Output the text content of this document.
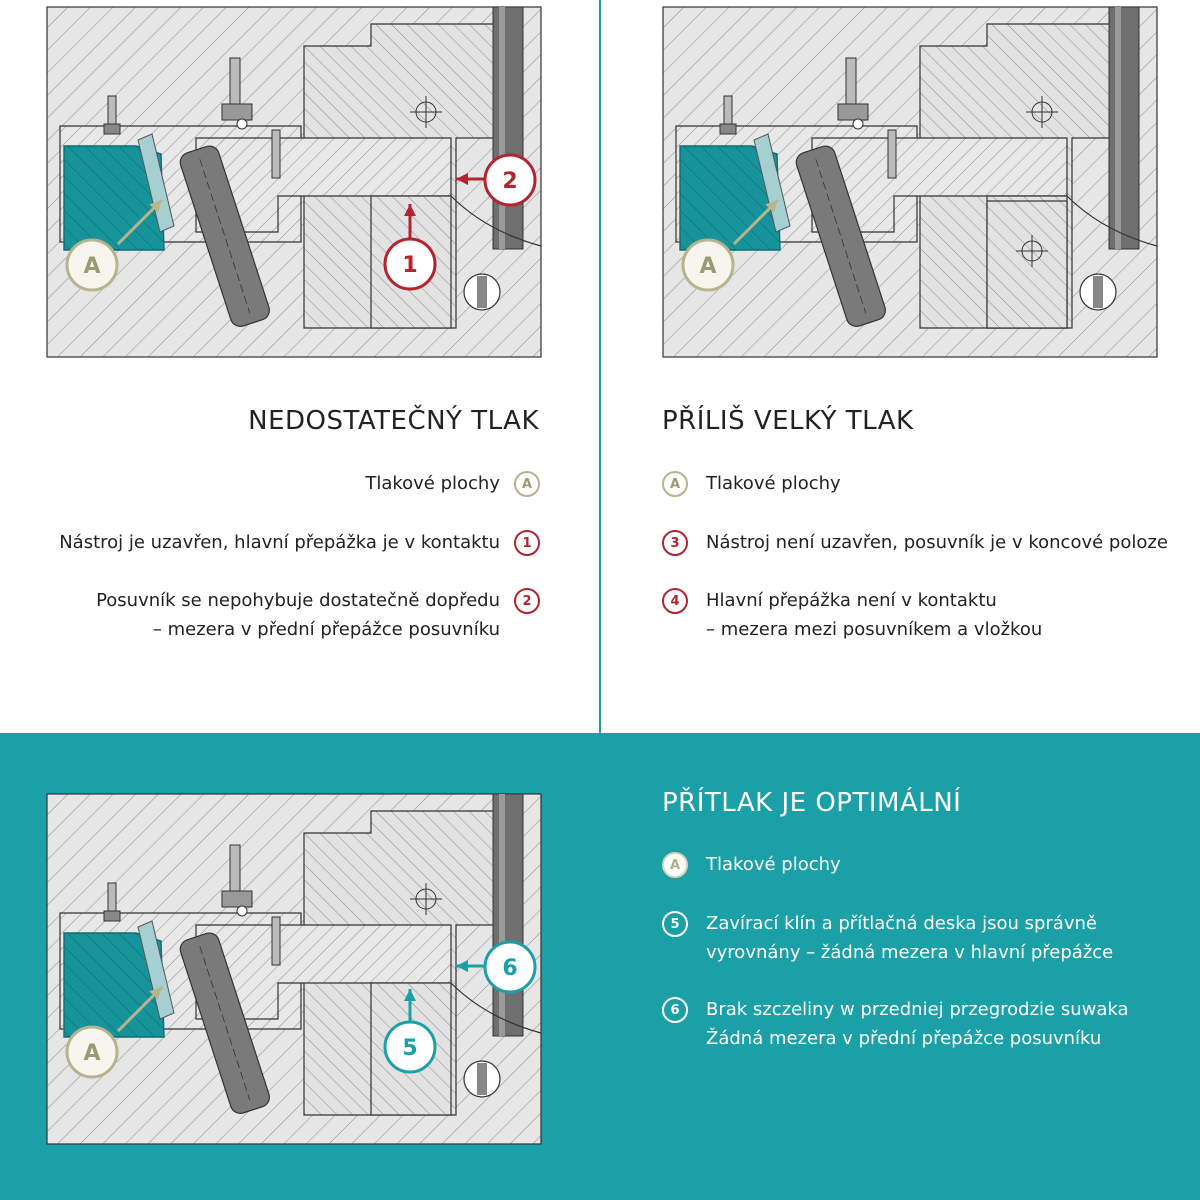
A
2
1	A
A
6
5
NEDOSTATEČNÝ TLAK
Tlakové plochy	A
Nástroj je uzavřen, hlavní přepážka je v kontaktu	1
Posuvník se nepohybuje dostatečně dopředu
– mezera v přední přepážce posuvníku
2
PŘÍLIŠ VELKÝ TLAK
A	Tlakové plochy
3	Nástroj není uzavřen, posuvník je v koncové poloze
4	Hlavní přepážka není v kontaktu
– mezera mezi posuvníkem a vložkou
PŘÍTLAK JE OPTIMÁLNÍ
A	Tlakové plochy
5	Zavírací klín a přítlačná deska jsou správně
vyrovnány – žádná mezera v hlavní přepážce
6	Brak szczeliny w przedniej przegrodzie suwaka
Žádná mezera v přední přepážce posuvníku
